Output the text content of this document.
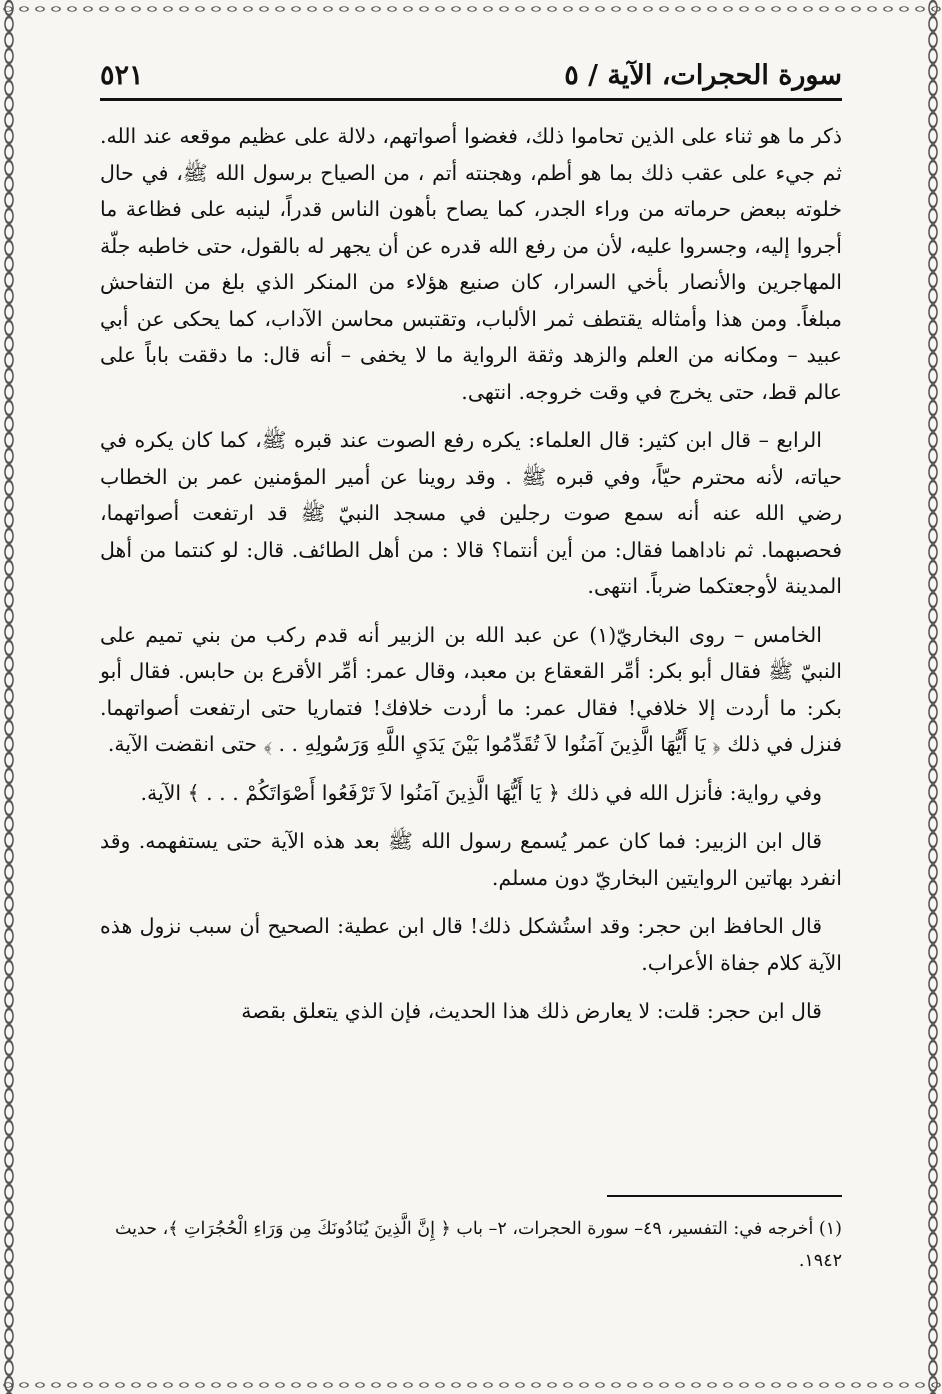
سورة الحجرات، الآية / ٥
٥٢١

ذكر ما هو ثناء على الذين تحاموا ذلك، فغضوا أصواتهم، دلالة على عظيم موقعه عند الله. ثم جيء على عقب ذلك بما هو أطم، وهجنته أتم ، من الصياح برسول الله ﷺ، في حال خلوته ببعض حرماته من وراء الجدر، كما يصاح بأهون الناس قدراً، لينبه على فظاعة ما أجروا إليه، وجسروا عليه، لأن من رفع الله قدره عن أن يجهر له بالقول، حتى خاطبه جلّة المهاجرين والأنصار بأخي السرار، كان صنيع هؤلاء من المنكر الذي بلغ من التفاحش مبلغاً. ومن هذا وأمثاله يقتطف ثمر الألباب، وتقتبس محاسن الآداب، كما يحكى عن أبي عبيد – ومكانه من العلم والزهد وثقة الرواية ما لا يخفى – أنه قال: ما دققت باباً على عالم قط، حتى يخرج في وقت خروجه. انتهى.

الرابع – قال ابن كثير: قال العلماء: يكره رفع الصوت عند قبره ﷺ، كما كان يكره في حياته، لأنه محترم حيّاً، وفي قبره ﷺ . وقد روينا عن أمير المؤمنين عمر بن الخطاب رضي الله عنه أنه سمع صوت رجلين في مسجد النبيّ ﷺ قد ارتفعت أصواتهما، فحصبهما. ثم ناداهما فقال: من أين أنتما؟ قالا : من أهل الطائف. قال: لو كنتما من أهل المدينة لأوجعتكما ضرباً. انتهى.

الخامس – روى البخاريّ(١) عن عبد الله بن الزبير أنه قدم ركب من بني تميم على النبيّ ﷺ فقال أبو بكر: أمِّر القعقاع بن معبد، وقال عمر: أمِّر الأقرع بن حابس. فقال أبو بكر: ما أردت إلا خلافي! فقال عمر: ما أردت خلافك! فتماريا حتى ارتفعت أصواتهما. فنزل في ذلك ﴿ يَا أَيُّهَا الَّذِينَ آمَنُوا لاَ تُقَدِّمُوا بَيْنَ يَدَيِ اللَّهِ وَرَسُولِهِ . . ﴾ حتى انقضت الآية.

وفي رواية: فأنزل الله في ذلك ﴿ يَا أَيُّهَا الَّذِينَ آمَنُوا لاَ تَرْفَعُوا أَصْوَاتَكُمْ . . . ﴾ الآية.

قال ابن الزبير: فما كان عمر يُسمع رسول الله ﷺ بعد هذه الآية حتى يستفهمه. وقد انفرد بهاتين الروايتين البخاريّ دون مسلم.

قال الحافظ ابن حجر: وقد استُشكل ذلك! قال ابن عطية: الصحيح أن سبب نزول هذه الآية كلام جفاة الأعراب.

قال ابن حجر: قلت: لا يعارض ذلك هذا الحديث، فإن الذي يتعلق بقصة

(١) أخرجه في: التفسير، ٤٩– سورة الحجرات، ٢– باب ﴿ إِنَّ الَّذِينَ يُنَادُونَكَ مِن وَرَاءِ الْحُجُرَاتِ ﴾، حديث ١٩٤٢.
